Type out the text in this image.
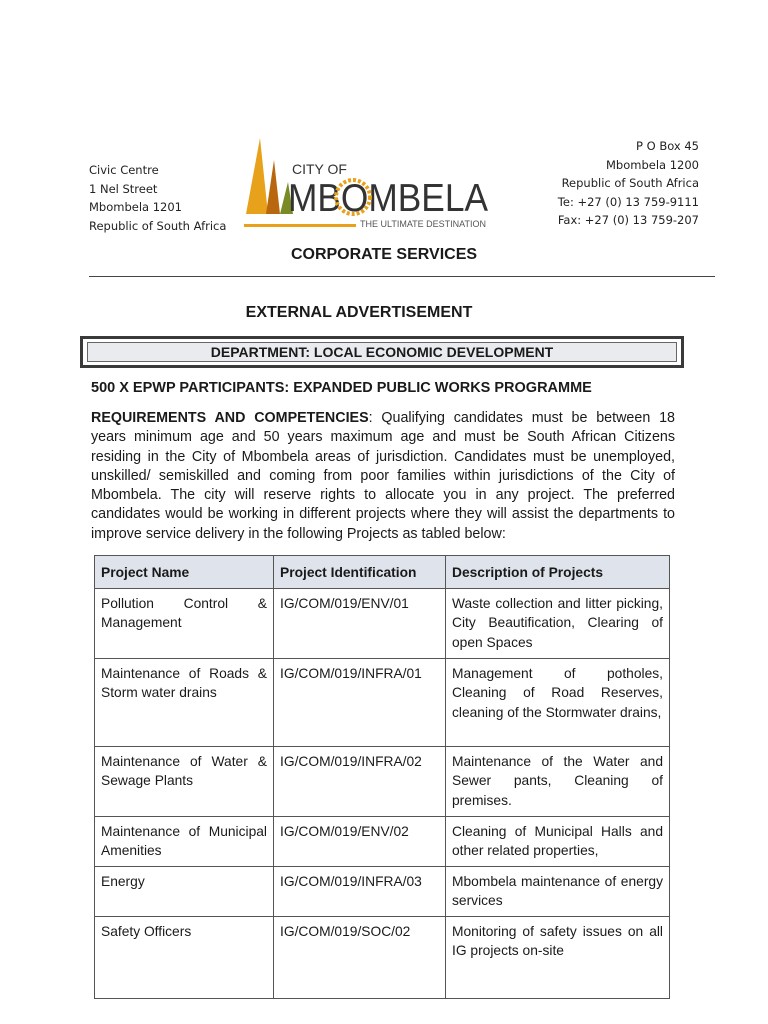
Civic Centre
1 Nel Street
Mbombela 1201
Republic of South Africa
CITY OF
MBOMBELA
THE ULTIMATE DESTINATION
P O Box 45
Mbombela 1200
Republic of South Africa
Te: +27 (0) 13 759-9111
Fax: +27 (0) 13 759-207
CORPORATE SERVICES
EXTERNAL ADVERTISEMENT
DEPARTMENT: LOCAL ECONOMIC DEVELOPMENT
500 X EPWP PARTICIPANTS: EXPANDED PUBLIC WORKS PROGRAMME
REQUIREMENTS AND COMPETENCIES: Qualifying candidates must be between 18 years minimum age and 50 years maximum age and must be South African Citizens residing in the City of Mbombela areas of jurisdiction. Candidates must be unemployed, unskilled/ semiskilled and coming from poor families within jurisdictions of the City of Mbombela. The city will reserve rights to allocate you in any project. The preferred candidates would be working in different projects where they will assist the departments to improve service delivery in the following Projects as tabled below:
Project Name	Project Identification	Description of Projects
Pollution Control & Management	IG/COM/019/ENV/01	Waste collection and litter picking, City Beautification, Clearing of open Spaces
Maintenance of Roads & Storm water drains	IG/COM/019/INFRA/01	Management of potholes, Cleaning of Road Reserves, cleaning of the Stormwater drains,
Maintenance of Water & Sewage Plants	IG/COM/019/INFRA/02	Maintenance of the Water and Sewer pants, Cleaning of premises.
Maintenance of Municipal Amenities	IG/COM/019/ENV/02	Cleaning of Municipal Halls and other related properties,
Energy	IG/COM/019/INFRA/03	Mbombela maintenance of energy services
Safety Officers	IG/COM/019/SOC/02	Monitoring of safety issues on all IG projects on-site
